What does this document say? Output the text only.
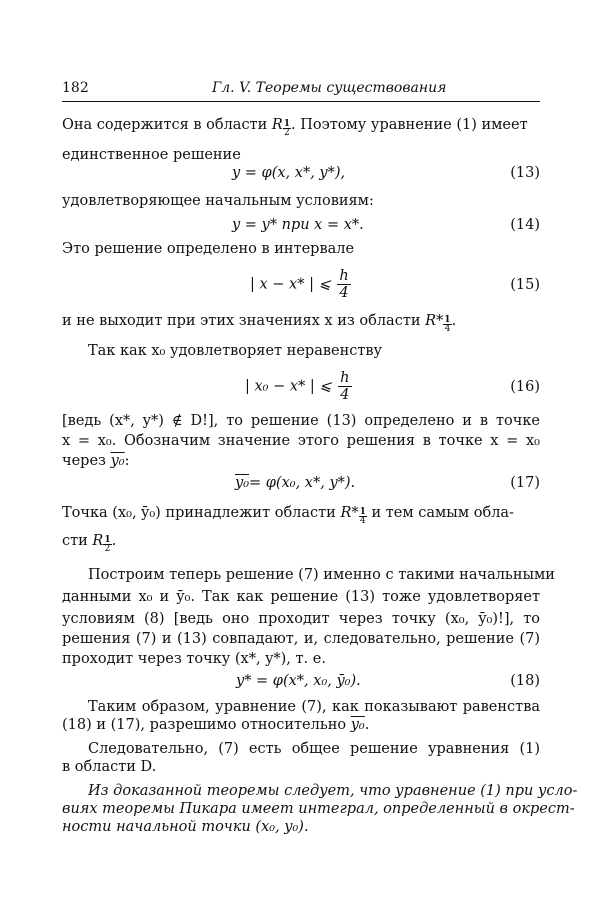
182	Гл. V. Теоремы существования
Она содержится в области R $_{\frac{1}{2}}$ . Поэтому уравнение (1) имеет
единственное решение
y = φ(x, x*, y*),	(13)
удовлетворяющее начальным условиям:
y = y* при x = x*.	(14)
Это решение определено в интервале
| x − x* | ⩽ $\frac{h}{4}$	(15)
и не выходит при этих значениях x из области R* $_{\frac{1}{4}}$ .
Так как x₀ удовлетворяет неравенству
| x₀ − x* | ⩽ $\frac{h}{4}$	(16)
[ведь (x*, y*) ∉ D!], то решение (13) определено и в точке
x = x₀. Обозначим значение этого решения в точке x = x₀
через y₀:
y₀= φ(x₀, x*, y*).	(17)
Точка (x₀, ȳ₀) принадлежит области R* $_{\frac{1}{4}}$ и тем самым обла-
сти R $_{\frac{1}{2}}$ .
Построим теперь решение (7) именно с такими начальными
данными x₀ и ȳ₀. Так как решение (13) тоже удовлетворяет
условиям (8) [ведь оно проходит через точку (x₀, ȳ₀)!], то
решения (7) и (13) совпадают, и, следовательно, решение (7)
проходит через точку (x*, y*), т. е.
y* = φ(x*, x₀, ȳ₀).	(18)
Таким образом, уравнение (7), как показывают равенства
(18) и (17), разрешимо относительно y₀.
Следовательно, (7) есть общее решение уравнения (1)
в области D.
Из доказанной теоремы следует, что уравнение (1) при усло-
виях теоремы Пикара имеет интеграл, определенный в окрест-
ности начальной точки (x₀, y₀).
